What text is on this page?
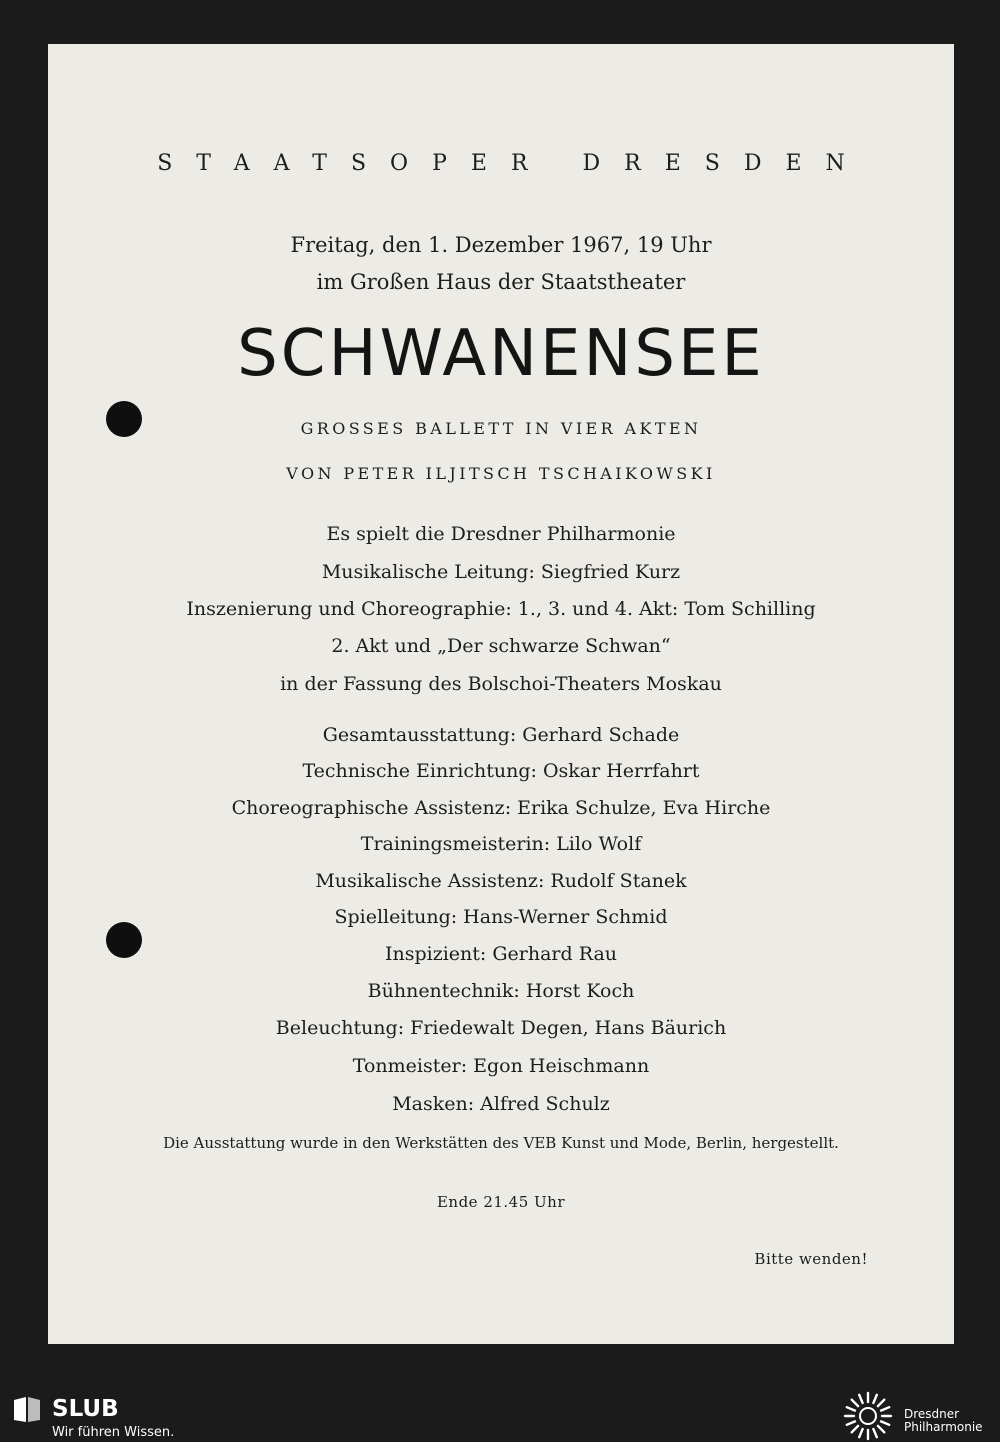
STAATSOPER DRESDEN
Freitag, den 1. Dezember 1967, 19 Uhr
im Großen Haus der Staatstheater
SCHWANENSEE
GROSSES BALLETT IN VIER AKTEN
VON PETER ILJITSCH TSCHAIKOWSKI
Es spielt die Dresdner Philharmonie
Musikalische Leitung: Siegfried Kurz
Inszenierung und Choreographie: 1., 3. und 4. Akt: Tom Schilling
2. Akt und „Der schwarze Schwan“
in der Fassung des Bolschoi-Theaters Moskau
Gesamtausstattung: Gerhard Schade
Technische Einrichtung: Oskar Herrfahrt
Choreographische Assistenz: Erika Schulze, Eva Hirche
Trainingsmeisterin: Lilo Wolf
Musikalische Assistenz: Rudolf Stanek
Spielleitung: Hans-Werner Schmid
Inspizient: Gerhard Rau
Bühnentechnik: Horst Koch
Beleuchtung: Friedewalt Degen, Hans Bäurich
Tonmeister: Egon Heischmann
Masken: Alfred Schulz
Die Ausstattung wurde in den Werkstätten des VEB Kunst und Mode, Berlin, hergestellt.
Ende 21.45 Uhr
Bitte wenden!
SLUB
Wir führen Wissen.
Dresdner
Philharmonie
